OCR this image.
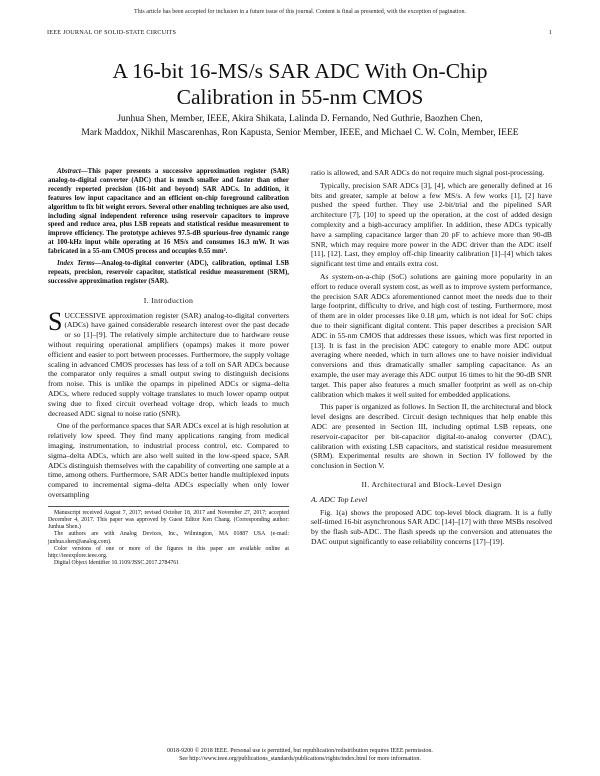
This article has been accepted for inclusion in a future issue of this journal. Content is final as presented, with the exception of pagination.
IEEE JOURNAL OF SOLID-STATE CIRCUITS	1
A 16-bit 16-MS/s SAR ADC With On-Chip
Calibration in 55-nm CMOS
Junhua Shen, Member, IEEE, Akira Shikata, Lalinda D. Fernando, Ned Guthrie, Baozhen Chen,
Mark Maddox, Nikhil Mascarenhas, Ron Kapusta, Senior Member, IEEE, and Michael C. W. Coln, Member, IEEE

Abstract—This paper presents a successive approximation register (SAR) analog-to-digital converter (ADC) that is much smaller and faster than other recently reported precision (16-bit and beyond) SAR ADCs. In addition, it features low input capacitance and an efficient on-chip foreground calibration algorithm to fix bit weight errors. Several other enabling techniques are also used, including signal independent reference using reservoir capacitors to improve speed and reduce area, plus LSB repeats and statistical residue measurement to improve efficiency. The prototype achieves 97.5-dB spurious-free dynamic range at 100-kHz input while operating at 16 MS/s and consumes 16.3 mW. It was fabricated in a 55-nm CMOS process and occupies 0.55 mm².

Index Terms—Analog-to-digital converter (ADC), calibration, optimal LSB repeats, precision, reservoir capacitor, statistical residue measurement (SRM), successive approximation register (SAR).

I. Introduction

SUCCESSIVE approximation register (SAR) analog-to-digital converters (ADCs) have gained considerable research interest over the past decade or so [1]–[9]. The relatively simple architecture due to hardware reuse without requiring operational amplifiers (opamps) makes it more power efficient and easier to port between processes. Furthermore, the supply voltage scaling in advanced CMOS processes has less of a toll on SAR ADCs because the comparator only requires a small output swing to distinguish decisions from noise. This is unlike the opamps in pipelined ADCs or sigma–delta ADCs, where reduced supply voltage translates to much lower opamp output swing due to fixed circuit overhead voltage drop, which leads to much decreased ADC signal to noise ratio (SNR).

One of the performance spaces that SAR ADCs excel at is high resolution at relatively low speed. They find many applications ranging from medical imaging, instrumentation, to industrial process control, etc. Compared to sigma–delta ADCs, which are also well suited in the low-speed space, SAR ADCs distinguish themselves with the capability of converting one sample at a time, among others. Furthermore, SAR ADCs better handle multiplexed inputs compared to incremental sigma–delta ADCs especially when only lower oversampling

Manuscript received August 7, 2017; revised October 18, 2017 and November 27, 2017; accepted December 4, 2017. This paper was approved by Guest Editor Ken Chang. (Corresponding author: Junhua Shen.)
The authors are with Analog Devices, Inc., Wilmington, MA 01887 USA (e-mail: junhua.shen@analog.com).
Color versions of one or more of the figures in this paper are available online at http://ieeexplore.ieee.org.
Digital Object Identifier 10.1109/JSSC.2017.2784761

ratio is allowed, and SAR ADCs do not require much signal post-processing.

Typically, precision SAR ADCs [3], [4], which are generally defined at 16 bits and greater, sample at below a few MS/s. A few works [1], [2] have pushed the speed further. They use 2-bit/trial and the pipelined SAR architecture [7], [10] to speed up the operation, at the cost of added design complexity and a high-accuracy amplifier. In addition, these ADCs typically have a sampling capacitance larger than 20 pF to achieve more than 90-dB SNR, which may require more power in the ADC driver than the ADC itself [11], [12]. Last, they employ off-chip linearity calibration [1]–[4] which takes significant test time and entails extra cost.

As system-on-a-chip (SoC) solutions are gaining more popularity in an effort to reduce overall system cost, as well as to improve system performance, the precision SAR ADCs aforementioned cannot meet the needs due to their large footprint, difficulty to drive, and high cost of testing. Furthermore, most of them are in older processes like 0.18 μm, which is not ideal for SoC chips due to their significant digital content. This paper describes a precision SAR ADC in 55-nm CMOS that addresses these issues, which was first reported in [13]. It is fast in the precision ADC category to enable more ADC output averaging where needed, which in turn allows one to have noisier individual conversions and thus dramatically smaller sampling capacitance. As an example, the user may average this ADC output 16 times to hit the 90-dB SNR target. This paper also features a much smaller footprint as well as on-chip calibration which makes it well suited for embedded applications.

This paper is organized as follows. In Section II, the architectural and block level designs are described. Circuit design techniques that help enable this ADC are presented in Section III, including optimal LSB repeats, one reservoir-capacitor per bit-capacitor digital-to-analog converter (DAC), calibration with existing LSB capacitors, and statistical residue measurement (SRM). Experimental results are shown in Section IV followed by the conclusion in Section V.

II. Architectural and Block-Level Design
A. ADC Top Level

Fig. 1(a) shows the proposed ADC top-level block diagram. It is a fully self-timed 16-bit asynchronous SAR ADC [14]–[17] with three MSBs resolved by the flash sub-ADC. The flash speeds up the conversion and attenuates the DAC output significantly to ease reliability concerns [17]–[19].

0018-9200 © 2018 IEEE. Personal use is permitted, but republication/redistribution requires IEEE permission.
See http://www.ieee.org/publications_standards/publications/rights/index.html for more information.
